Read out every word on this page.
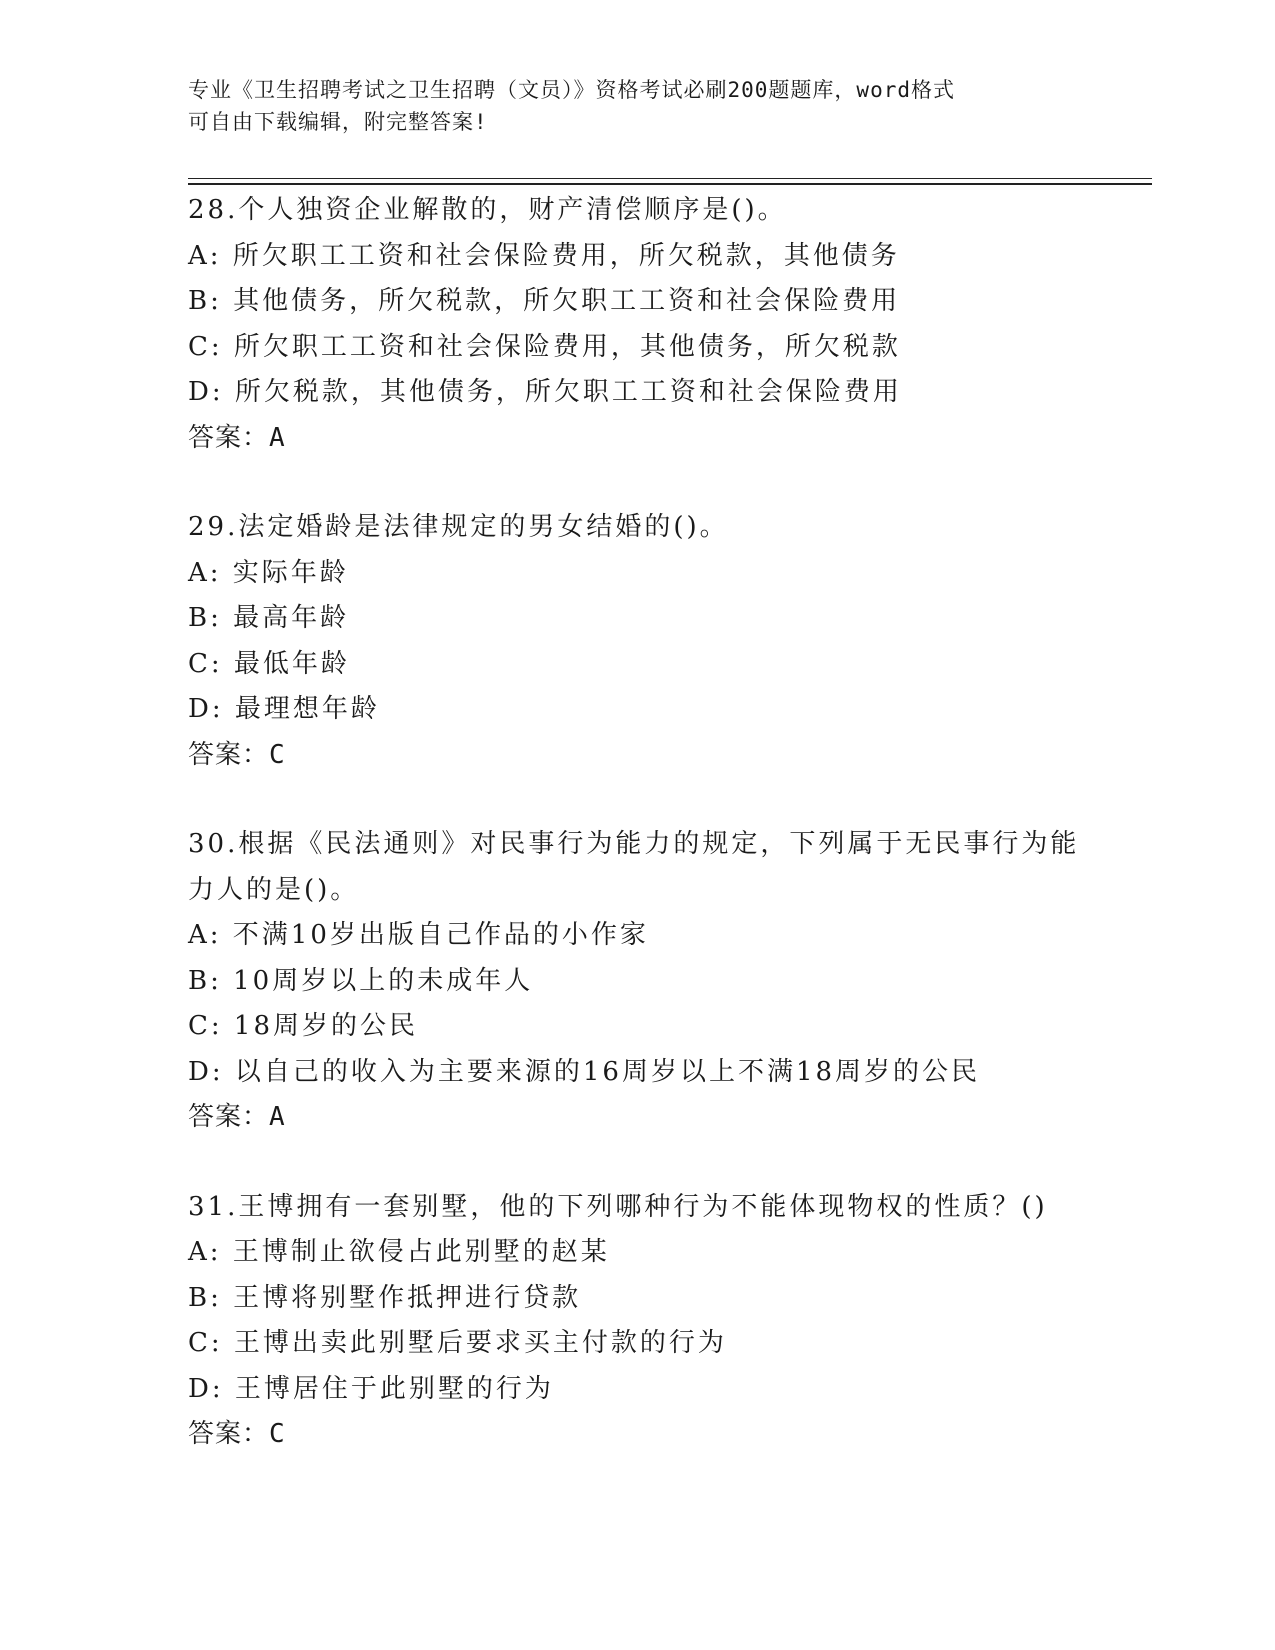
专业《卫生招聘考试之卫生招聘（文员）》资格考试必刷200题题库，word格式
可自由下载编辑，附完整答案!
28.个人独资企业解散的，财产清偿顺序是()。
A: 所欠职工工资和社会保险费用，所欠税款，其他债务
B: 其他债务，所欠税款，所欠职工工资和社会保险费用
C: 所欠职工工资和社会保险费用，其他债务，所欠税款
D: 所欠税款，其他债务，所欠职工工资和社会保险费用
答案：A
29.法定婚龄是法律规定的男女结婚的()。
A: 实际年龄
B: 最高年龄
C: 最低年龄
D: 最理想年龄
答案：C
30.根据《民法通则》对民事行为能力的规定，下列属于无民事行为能
力人的是()。
A: 不满10岁出版自己作品的小作家
B: 10周岁以上的未成年人
C: 18周岁的公民
D: 以自己的收入为主要来源的16周岁以上不满18周岁的公民
答案：A
31.王博拥有一套别墅，他的下列哪种行为不能体现物权的性质？()
A: 王博制止欲侵占此别墅的赵某
B: 王博将别墅作抵押进行贷款
C: 王博出卖此别墅后要求买主付款的行为
D: 王博居住于此别墅的行为
答案：C
